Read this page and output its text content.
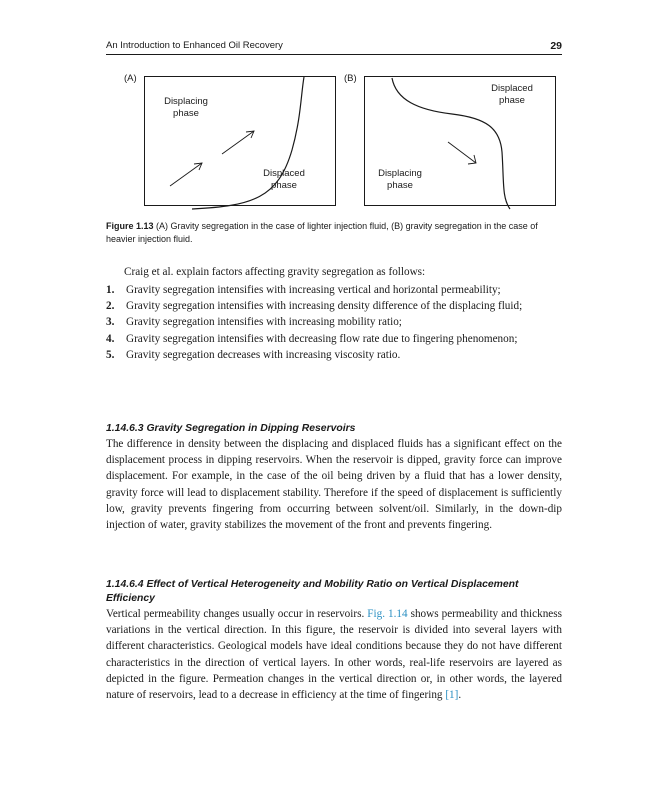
An Introduction to Enhanced Oil Recovery	29
(A)
Displacing
phase
Displaced
phase
(B)
Displaced
phase
Displacing
phase
Figure 1.13 (A) Gravity segregation in the case of lighter injection fluid, (B) gravity segregation in the case of heavier injection fluid.

Craig et al. explain factors affecting gravity segregation as follows:

1. Gravity segregation intensifies with increasing vertical and horizontal permeability;
2. Gravity segregation intensifies with increasing density difference of the displacing fluid;
3. Gravity segregation intensifies with increasing mobility ratio;
4. Gravity segregation intensifies with decreasing flow rate due to fingering phenomenon;
5. Gravity segregation decreases with increasing viscosity ratio.
1.14.6.3 Gravity Segregation in Dipping Reservoirs

The difference in density between the displacing and displaced fluids has a significant effect on the displacement process in dipping reservoirs. When the reservoir is dipped, gravity force can improve displacement. For example, in the case of the oil being driven by a fluid that has a lower density, gravity force will lead to displacement stability. Therefore if the speed of displacement is sufficiently low, gravity prevents fingering from occurring between solvent/oil. Similarly, in the down-dip injection of water, gravity stabilizes the movement of the front and prevents fingering.

1.14.6.4 Effect of Vertical Heterogeneity and Mobility Ratio on Vertical Displacement Efficiency

Vertical permeability changes usually occur in reservoirs. Fig. 1.14 shows permeability and thickness variations in the vertical direction. In this figure, the reservoir is divided into several layers with different characteristics. Geological models have ideal conditions because they do not have different characteristics in the direction of vertical layers. In other words, real-life reservoirs are layered as depicted in the figure. Permeation changes in the vertical direction or, in other words, the layered nature of reservoirs, lead to a decrease in efficiency at the time of fingering [1].
